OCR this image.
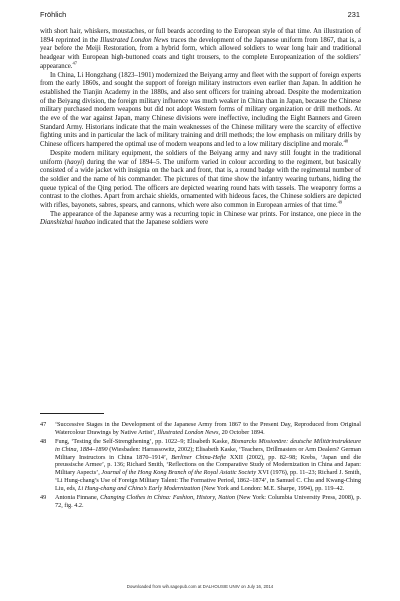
Fröhlich	231

with short hair, whiskers, moustaches, or full beards according to the European style of that time. An illustration of 1894 reprinted in the Illustrated London News traces the development of the Japanese uniform from 1867, that is, a year before the Meiji Restoration, from a hybrid form, which allowed soldiers to wear long hair and traditional headgear with European high-buttoned coats and tight trousers, to the complete Europeanization of the soldiers’ appearance.$^{47}$

In China, Li Hongzhang (1823–1901) modernized the Beiyang army and fleet with the support of foreign experts from the early 1860s, and sought the support of foreign military instructors even earlier than Japan. In addition he established the Tianjin Academy in the 1880s, and also sent officers for training abroad. Despite the modernization of the Beiyang division, the foreign military influence was much weaker in China than in Japan, because the Chinese military purchased modern weapons but did not adopt Western forms of military organization or drill methods. At the eve of the war against Japan, many Chinese divisions were ineffective, including the Eight Banners and Green Standard Army. Historians indicate that the main weaknesses of the Chinese military were the scarcity of effective fighting units and in particular the lack of military training and drill methods; the low emphasis on military drills by Chinese officers hampered the optimal use of modern weapons and led to a low military discipline and morale.$^{48}$

Despite modern military equipment, the soldiers of the Beiyang army and navy still fought in the traditional uniform (haoyi) during the war of 1894–5. The uniform varied in colour according to the regiment, but basically consisted of a wide jacket with insignia on the back and front, that is, a round badge with the regimental number of the soldier and the name of his commander. The pictures of that time show the infantry wearing turbans, hiding the queue typical of the Qing period. The officers are depicted wearing round hats with tassels. The weaponry forms a contrast to the clothes. Apart from archaic shields, ornamented with hideous faces, the Chinese soldiers are depicted with rifles, bayonets, sabres, spears, and cannons, which were also common in European armies of that time.$^{49}$

The appearance of the Japanese army was a recurring topic in Chinese war prints. For instance, one piece in the Dianshizhai huabao indicated that the Japanese soldiers were

47	‘Successive Stages in the Development of the Japanese Army from 1867 to the Present Day, Reproduced from Original Watercolour Drawings by Native Artist’, Illustrated London News, 20 October 1894.
48	Fung, ‘Testing the Self-Strengthening’, pp. 1022–9; Elisabeth Kaske, Bismarcks Missionäre: deutsche Militärinstrukteure in China, 1884–1890 (Wiesbaden: Harrassowitz, 2002); Elisabeth Kaske, ‘Teachers, Drillmasters or Arm Dealers? German Military Instructors in China 1870–1914’, Berliner China-Hefte XXII (2002), pp. 82–98; Krebs, ‘Japan und die preussische Armee’, p. 136; Richard Smith, ‘Reflections on the Comparative Study of Modernization in China and Japan: Military Aspects’, Journal of the Hong Kong Branch of the Royal Asiatic Society XVI (1976), pp. 11–23; Richard J. Smith, ‘Li Hung-chang’s Use of Foreign Military Talent: The Formative Period, 1862–1874’, in Samuel C. Chu and Kwang-Ching Liu, eds, Li Hung-chang and China’s Early Modernization (New York and London: M.E. Sharpe, 1994), pp. 119–42.
49	Antonia Finnane, Changing Clothes in China: Fashion, History, Nation (New York: Columbia University Press, 2008), p. 72, fig. 4.2.
Downloaded from wih.sagepub.com at DALHOUSIE UNIV on July 16, 2014
